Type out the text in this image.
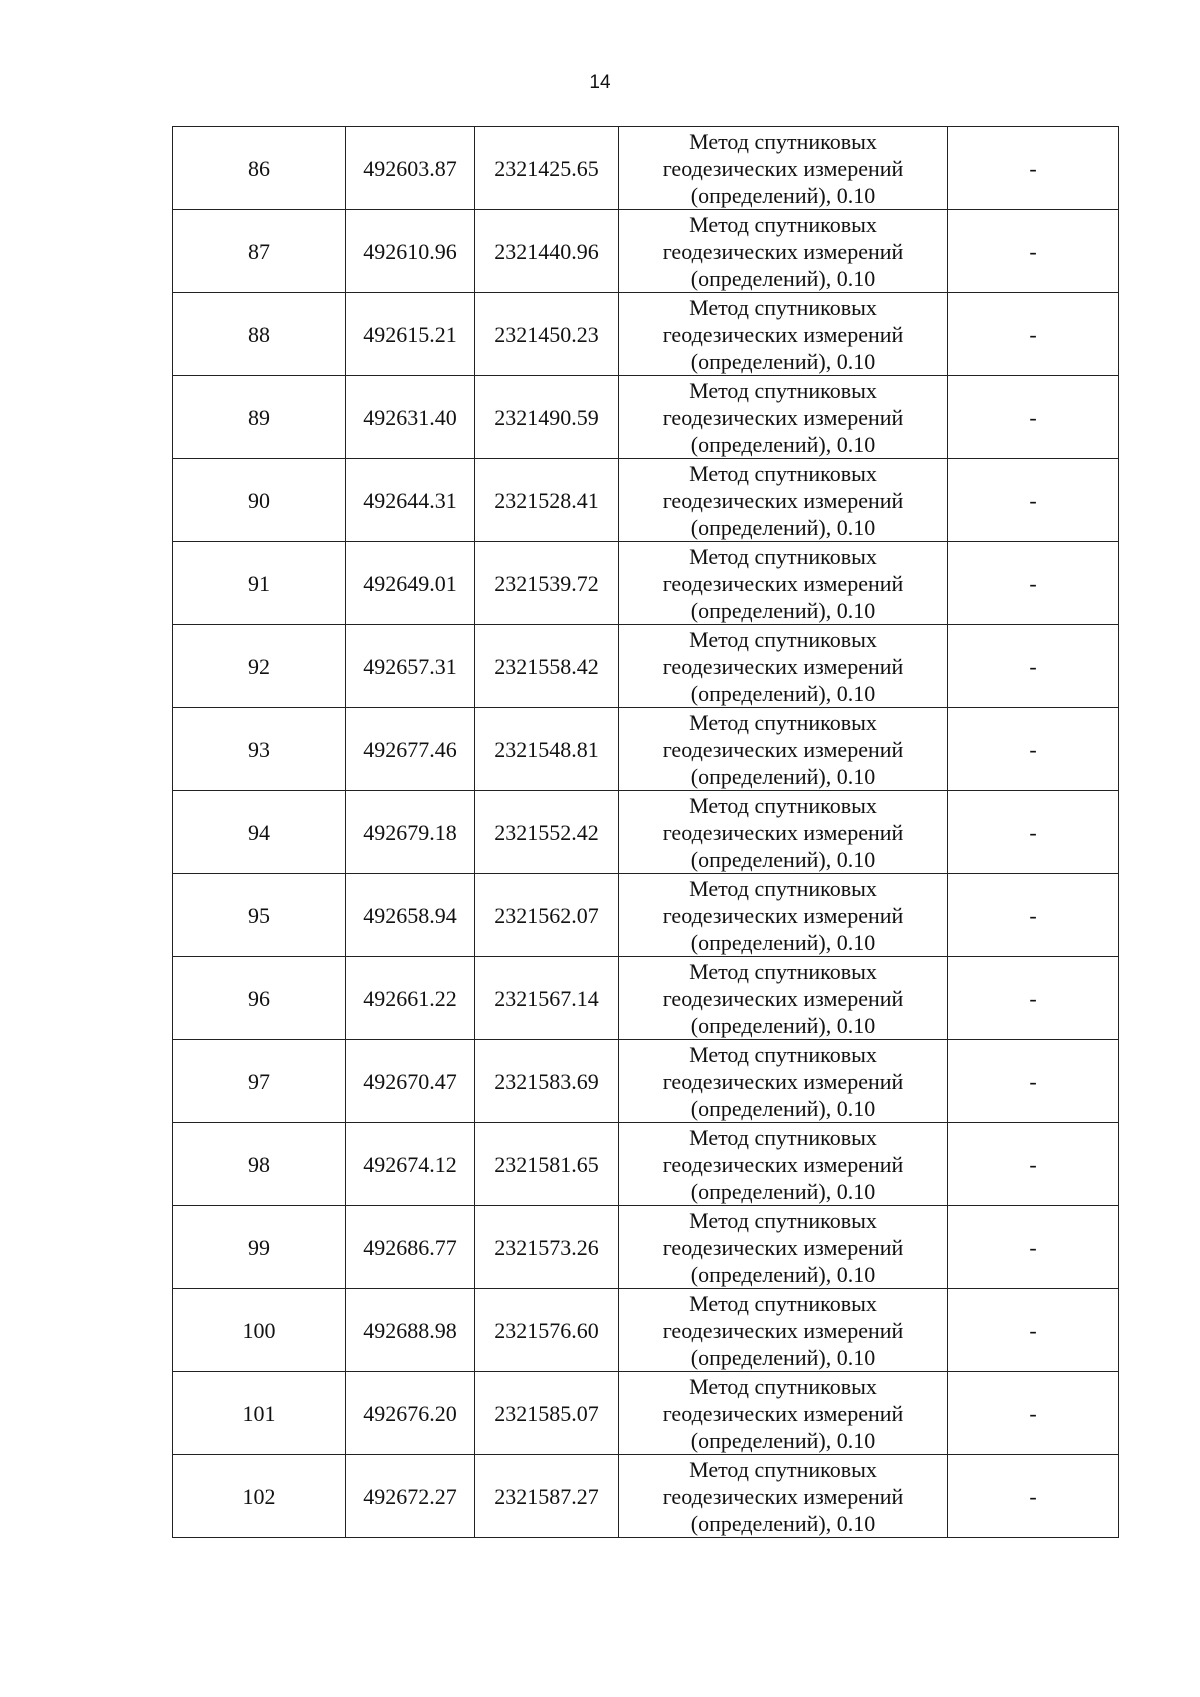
14
86	492603.87	2321425.65	Метод спутниковых
геодезических измерений
(определений), 0.10	-
87	492610.96	2321440.96	Метод спутниковых
геодезических измерений
(определений), 0.10	-
88	492615.21	2321450.23	Метод спутниковых
геодезических измерений
(определений), 0.10	-
89	492631.40	2321490.59	Метод спутниковых
геодезических измерений
(определений), 0.10	-
90	492644.31	2321528.41	Метод спутниковых
геодезических измерений
(определений), 0.10	-
91	492649.01	2321539.72	Метод спутниковых
геодезических измерений
(определений), 0.10	-
92	492657.31	2321558.42	Метод спутниковых
геодезических измерений
(определений), 0.10	-
93	492677.46	2321548.81	Метод спутниковых
геодезических измерений
(определений), 0.10	-
94	492679.18	2321552.42	Метод спутниковых
геодезических измерений
(определений), 0.10	-
95	492658.94	2321562.07	Метод спутниковых
геодезических измерений
(определений), 0.10	-
96	492661.22	2321567.14	Метод спутниковых
геодезических измерений
(определений), 0.10	-
97	492670.47	2321583.69	Метод спутниковых
геодезических измерений
(определений), 0.10	-
98	492674.12	2321581.65	Метод спутниковых
геодезических измерений
(определений), 0.10	-
99	492686.77	2321573.26	Метод спутниковых
геодезических измерений
(определений), 0.10	-
100	492688.98	2321576.60	Метод спутниковых
геодезических измерений
(определений), 0.10	-
101	492676.20	2321585.07	Метод спутниковых
геодезических измерений
(определений), 0.10	-
102	492672.27	2321587.27	Метод спутниковых
геодезических измерений
(определений), 0.10	-
